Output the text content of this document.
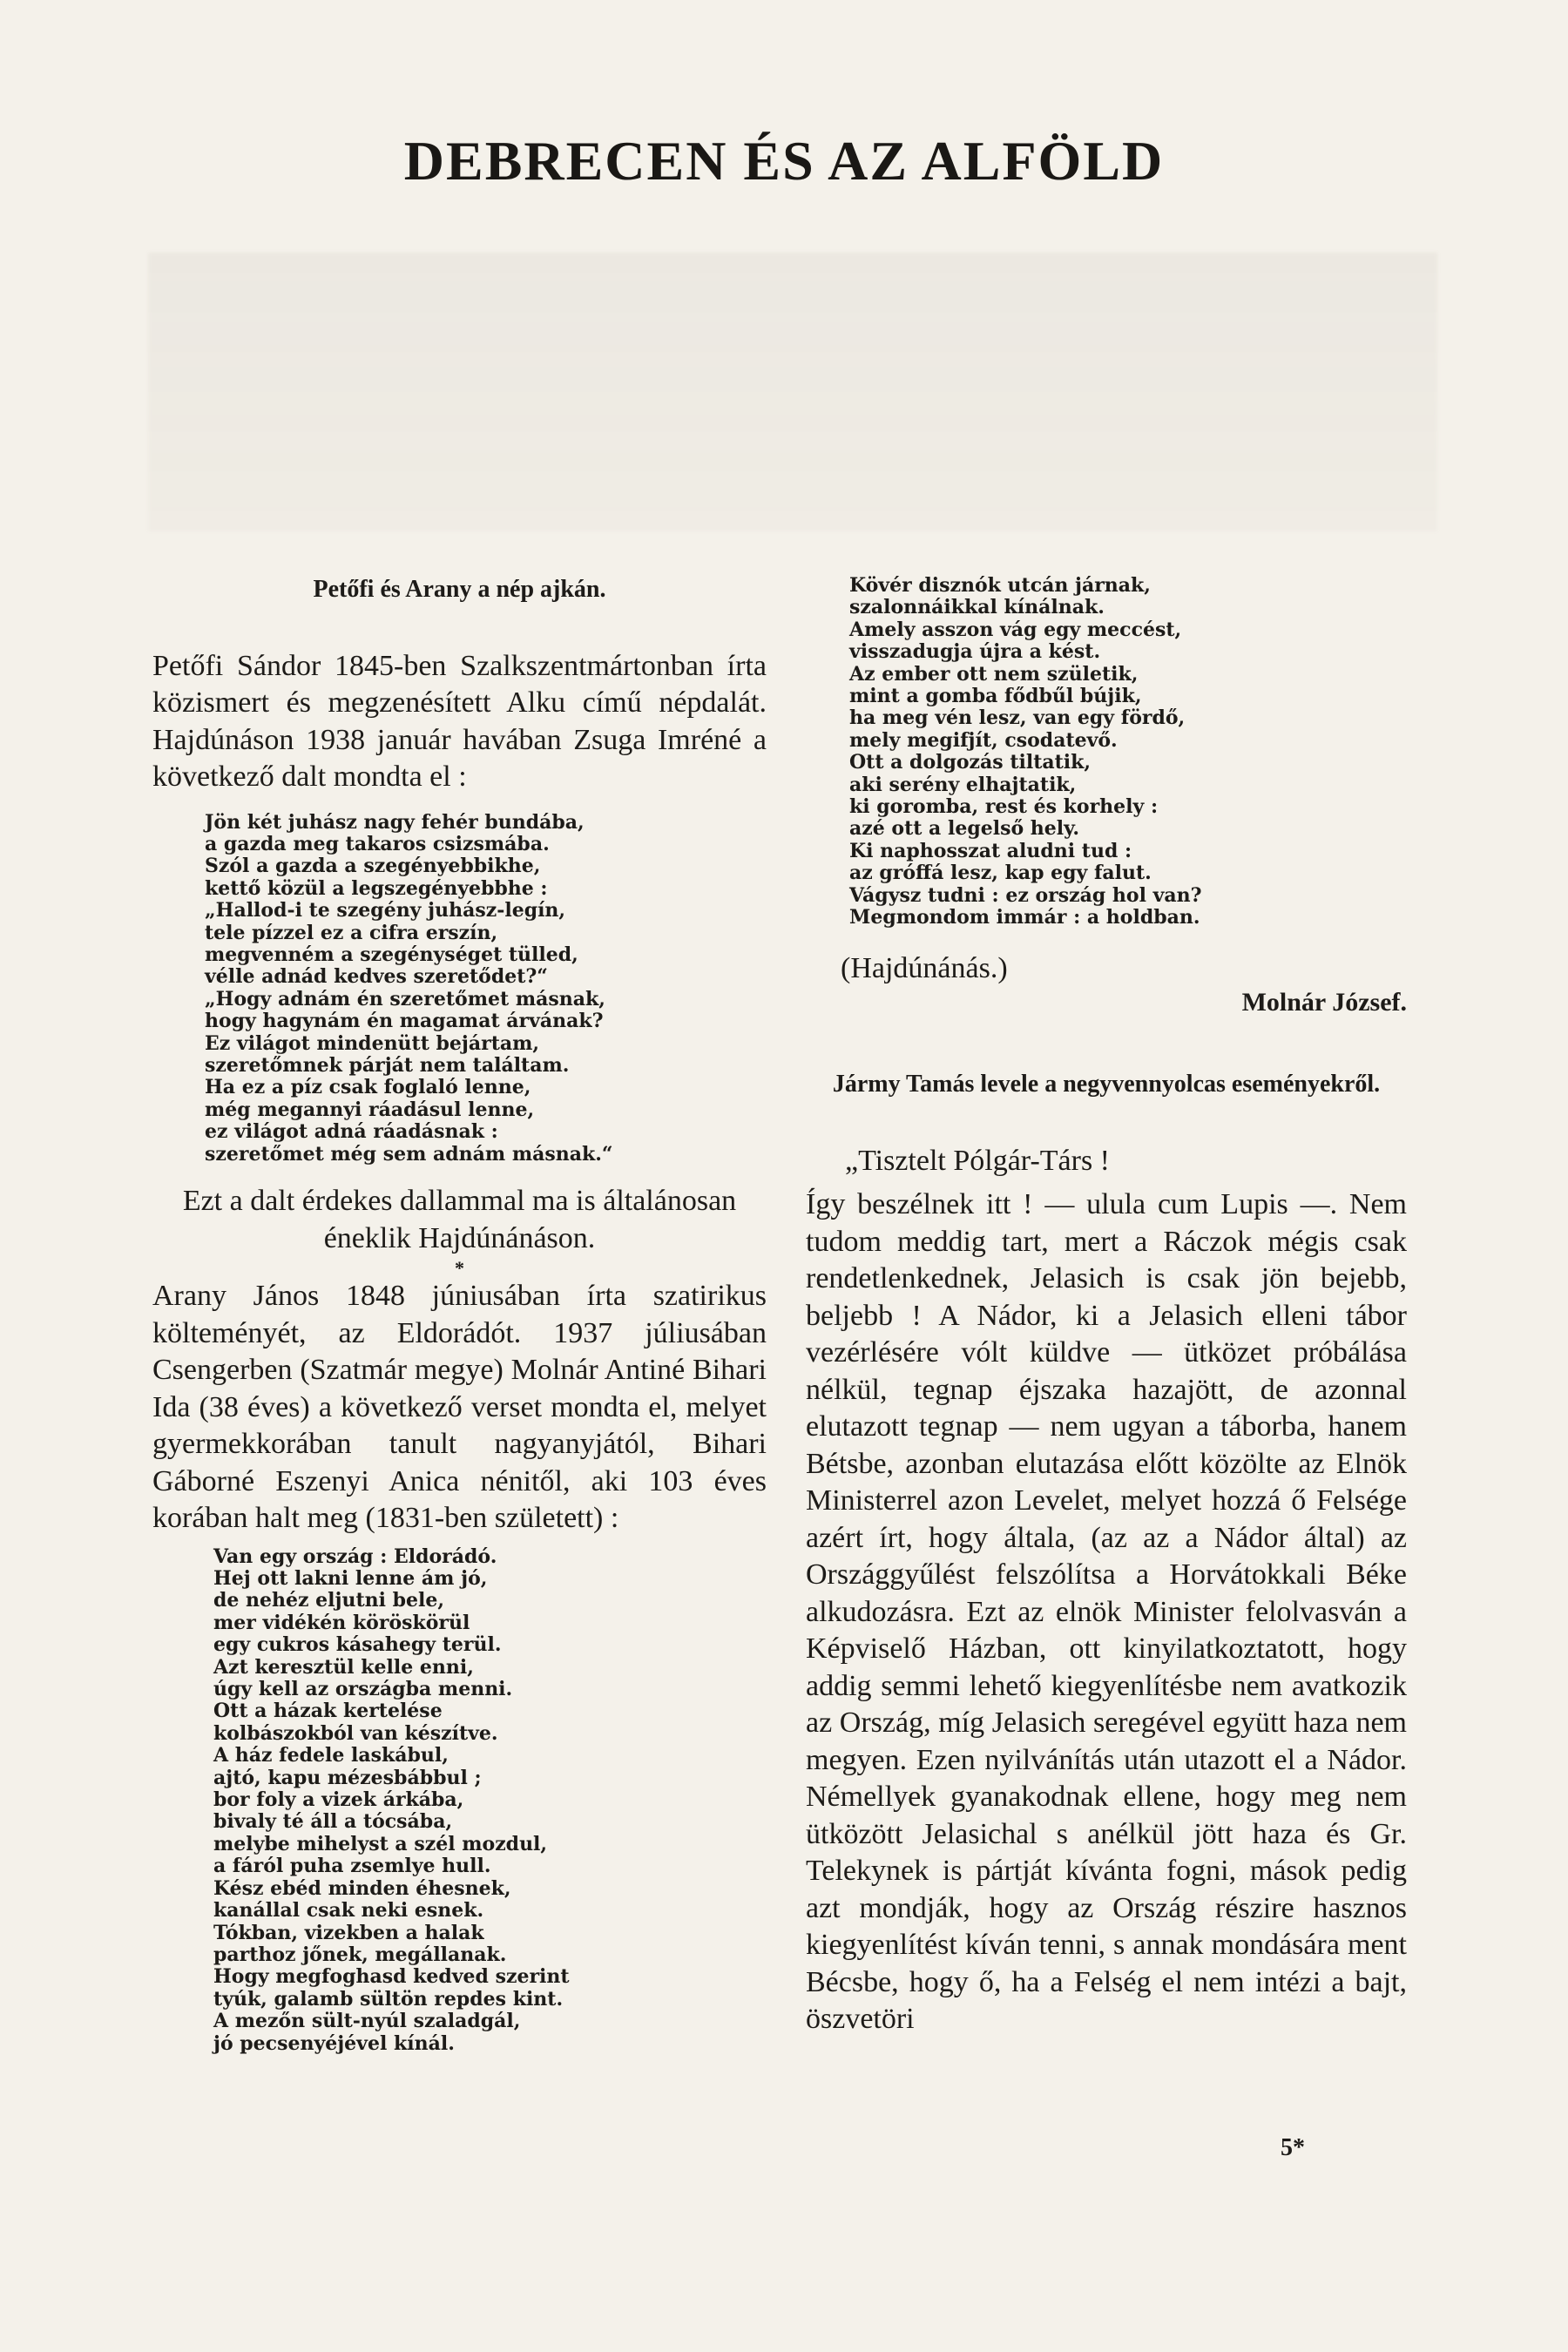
DEBRECEN ÉS AZ ALFÖLD
Petőfi és Arany a nép ajkán.

Petőfi Sándor 1845-ben Szalkszentmártonban írta közismert és megzenésített Alku című népdalát. Hajdúnáson 1938 január havában Zsuga Imréné a következő dalt mondta el :

Jön két juhász nagy fehér bundába,
a gazda meg takaros csizsmába.
Szól a gazda a szegényebbikhe,
kettő közül a legszegényebbhe :
„Hallod-i te szegény juhász-legín,
tele pízzel ez a cifra erszín,
megvenném a szegénységet tülled,
vélle adnád kedves szeretődet?“
„Hogy adnám én szeretőmet másnak,
hogy hagynám én magamat árvának?
Ez világot mindenütt bejártam,
szeretőmnek párját nem találtam.
Ha ez a píz csak foglaló lenne,
még megannyi ráadásul lenne,
ez világot adná ráadásnak :
szeretőmet még sem adnám másnak.“

Ezt a dalt érdekes dallammal ma is általánosan éneklik Hajdúnánáson.

*

Arany János 1848 júniusában írta szatirikus költeményét, az Eldorádót. 1937 júliusában Csengerben (Szatmár megye) Molnár Antiné Bihari Ida (38 éves) a következő verset mondta el, melyet gyermekkorában tanult nagyanyjától, Bihari Gáborné Eszenyi Anica nénitől, aki 103 éves korában halt meg (1831-ben született) :

Van egy ország : Eldorádó.
Hej ott lakni lenne ám jó,
de nehéz eljutni bele,
mer vidékén köröskörül
egy cukros kásahegy terül.
Azt keresztül kelle enni,
úgy kell az országba menni.
Ott a házak kertelése
kolbászokból van készítve.
A ház fedele laskábul,
ajtó, kapu mézesbábbul ;
bor foly a vizek árkába,
bivaly té áll a tócsába,
melybe mihelyst a szél mozdul,
a fáról puha zsemlye hull.
Kész ebéd minden éhesnek,
kanállal csak neki esnek.
Tókban, vizekben a halak
parthoz jőnek, megállanak.
Hogy megfoghasd kedved szerint
tyúk, galamb sültön repdes kint.
A mezőn sült-nyúl szaladgál,
jó pecsenyéjével kínál.
Kövér disznók utcán járnak,
szalonnáikkal kínálnak.
Amely asszon vág egy meccést,
visszadugja újra a kést.
Az ember ott nem születik,
mint a gomba fődbűl bújik,
ha meg vén lesz, van egy fördő,
mely megifjít, csodatevő.
Ott a dolgozás tiltatik,
aki serény elhajtatik,
ki goromba, rest és korhely :
azé ott a legelső hely.
Ki naphosszat aludni tud :
az gróffá lesz, kap egy falut.
Vágysz tudni : ez ország hol van?
Megmondom immár : a holdban.
(Hajdúnánás.)
Molnár József.
Jármy Tamás levele a negyvennyolcas eseményekről.
„Tisztelt Pólgár-Társ !

Így beszélnek itt ! — ulula cum Lupis —. Nem tudom meddig tart, mert a Ráczok mégis csak rendetlenkednek, Jelasich is csak jön bejebb, beljebb ! A Nádor, ki a Jelasich elleni tábor vezérlésére vólt küldve — ütközet próbálása nélkül, tegnap éjszaka hazajött, de azonnal elutazott tegnap — nem ugyan a táborba, hanem Bétsbe, azonban elutazása előtt közölte az Elnök Ministerrel azon Levelet, melyet hozzá ő Felsége azért írt, hogy általa, (az az a Nádor által) az Országgyűlést felszólítsa a Horvátokkali Béke alkudozásra. Ezt az elnök Minister felolvasván a Képviselő Házban, ott kinyilatkoztatott, hogy addig semmi lehető kiegyenlítésbe nem avatkozik az Ország, míg Jelasich seregével együtt haza nem megyen. Ezen nyilvánítás után utazott el a Nádor. Némellyek gyanakodnak ellene, hogy meg nem ütközött Jelasichal s anélkül jött haza és Gr. Telekynek is pártját kívánta fogni, mások pedig azt mondják, hogy az Ország részire hasznos kiegyenlítést kíván tenni, s annak mondására ment Bécsbe, hogy ő, ha a Felség el nem intézi a bajt, öszvetöri

5*
